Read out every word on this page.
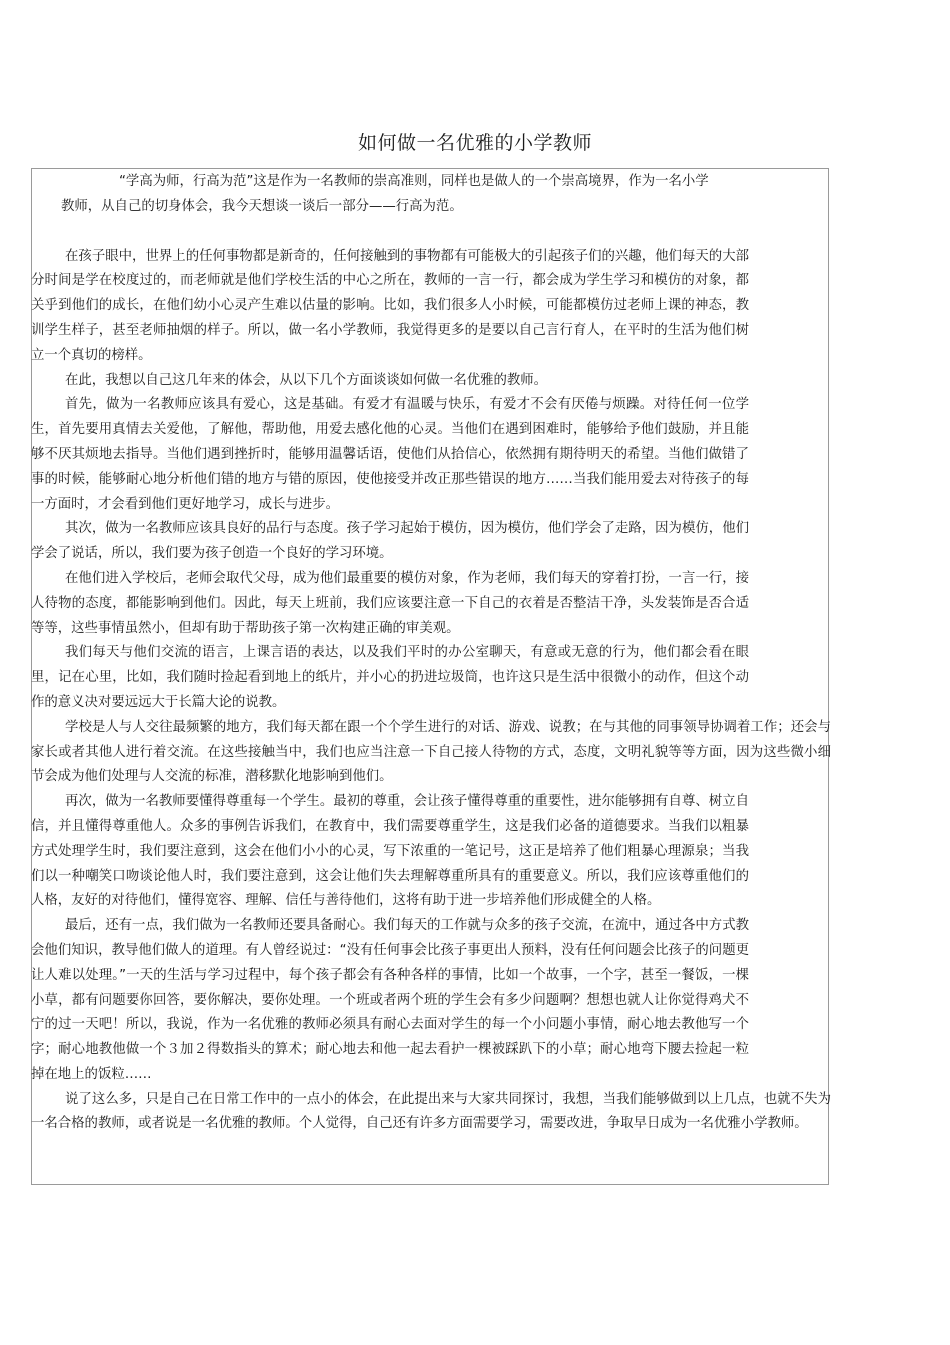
如何做一名优雅的小学教师
“学高为师，行高为范”这是作为一名教师的崇高准则，同样也是做人的一个崇高境界，作为一名小学
教师，从自己的切身体会，我今天想谈一谈后一部分——行高为范。

在孩子眼中，世界上的任何事物都是新奇的，任何接触到的事物都有可能极大的引起孩子们的兴趣，他们每天的大部分时间是学在校度过的，而老师就是他们学校生活的中心之所在，教师的一言一行，都会成为学生学习和模仿的对象，都关乎到他们的成长，在他们幼小心灵产生难以估量的影响。比如，我们很多人小时候，可能都模仿过老师上课的神态，教训学生样子，甚至老师抽烟的样子。所以，做一名小学教师，我觉得更多的是要以自己言行育人，在平时的生活为他们树立一个真切的榜样。

在此，我想以自己这几年来的体会，从以下几个方面谈谈如何做一名优雅的教师。

首先，做为一名教师应该具有爱心，这是基础。有爱才有温暖与快乐，有爱才不会有厌倦与烦躁。对待任何一位学生，首先要用真情去关爱他，了解他，帮助他，用爱去感化他的心灵。当他们在遇到困难时，能够给予他们鼓励，并且能够不厌其烦地去指导。当他们遇到挫折时，能够用温馨话语，使他们从拾信心，依然拥有期待明天的希望。当他们做错了事的时候，能够耐心地分析他们错的地方与错的原因，使他接受并改正那些错误的地方……当我们能用爱去对待孩子的每一方面时，才会看到他们更好地学习，成长与进步。

其次，做为一名教师应该具良好的品行与态度。孩子学习起始于模仿，因为模仿，他们学会了走路，因为模仿，他们学会了说话，所以，我们要为孩子创造一个良好的学习环境。

在他们进入学校后，老师会取代父母，成为他们最重要的模仿对象，作为老师，我们每天的穿着打扮，一言一行，接人待物的态度，都能影响到他们。因此，每天上班前，我们应该要注意一下自己的衣着是否整洁干净，头发装饰是否合适等等，这些事情虽然小，但却有助于帮助孩子第一次构建正确的审美观。

我们每天与他们交流的语言，上课言语的表达，以及我们平时的办公室聊天，有意或无意的行为，他们都会看在眼里，记在心里，比如，我们随时捡起看到地上的纸片，并小心的扔进垃圾筒，也许这只是生活中很微小的动作，但这个动作的意义决对要远远大于长篇大论的说教。

学校是人与人交往最频繁的地方，我们每天都在跟一个个学生进行的对话、游戏、说教；在与其他的同事领导协调着工作；还会与家长或者其他人进行着交流。在这些接触当中，我们也应当注意一下自己接人待物的方式，态度，文明礼貌等等方面，因为这些微小细节会成为他们处理与人交流的标准，潜移默化地影响到他们。

再次，做为一名教师要懂得尊重每一个学生。最初的尊重，会让孩子懂得尊重的重要性，进尔能够拥有自尊、树立自信，并且懂得尊重他人。众多的事例告诉我们，在教育中，我们需要尊重学生，这是我们必备的道德要求。当我们以粗暴方式处理学生时，我们要注意到，这会在他们小小的心灵，写下浓重的一笔记号，这正是培养了他们粗暴心理源泉；当我们以一种嘲笑口吻谈论他人时，我们要注意到，这会让他们失去理解尊重所具有的重要意义。所以，我们应该尊重他们的人格，友好的对待他们，懂得宽容、理解、信任与善待他们，这将有助于进一步培养他们形成健全的人格。

最后，还有一点，我们做为一名教师还要具备耐心。我们每天的工作就与众多的孩子交流，在流中，通过各中方式教会他们知识，教导他们做人的道理。有人曾经说过：“没有任何事会比孩子事更出人预料，没有任何问题会比孩子的问题更让人难以处理。”一天的生活与学习过程中，每个孩子都会有各种各样的事情，比如一个故事，一个字，甚至一餐饭，一棵小草，都有问题要你回答，要你解决，要你处理。一个班或者两个班的学生会有多少问题啊？想想也就人让你觉得鸡犬不宁的过一天吧！所以，我说，作为一名优雅的教师必须具有耐心去面对学生的每一个小问题小事情，耐心地去教他写一个字；耐心地教他做一个３加２得数指头的算术；耐心地去和他一起去看护一棵被踩趴下的小草；耐心地弯下腰去捡起一粒掉在地上的饭粒……

说了这么多，只是自己在日常工作中的一点小的体会，在此提出来与大家共同探讨，我想，当我们能够做到以上几点，也就不失为一名合格的教师，或者说是一名优雅的教师。个人觉得，自己还有许多方面需要学习，需要改进，争取早日成为一名优雅小学教师。
